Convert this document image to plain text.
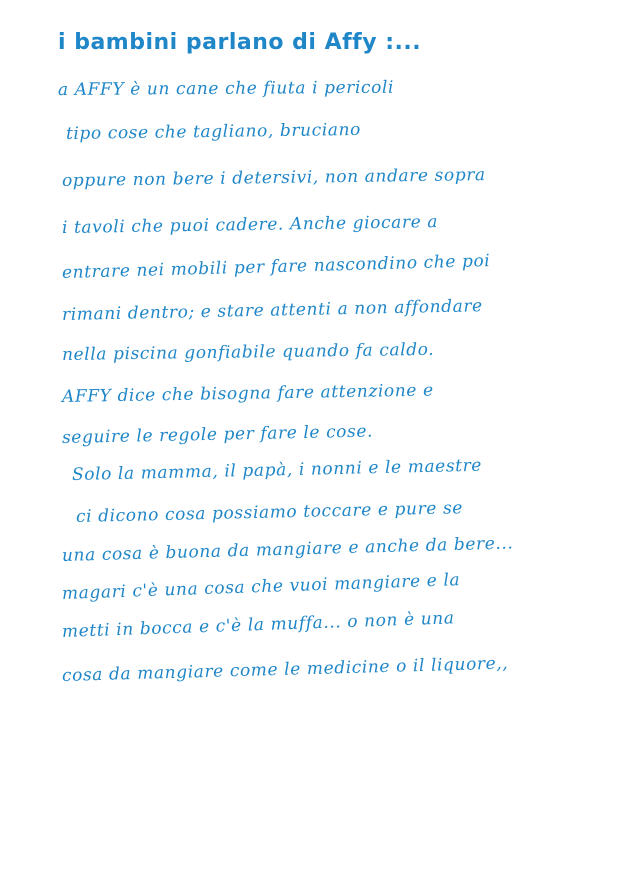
i bambini parlano di Affy :...

a AFFY è un cane che fiuta i pericoli

tipo cose che tagliano, bruciano

oppure non bere i detersivi, non andare sopra

i tavoli che puoi cadere. Anche giocare a

entrare nei mobili per fare nascondino che poi

rimani dentro; e stare attenti a non affondare

nella piscina gonfiabile quando fa caldo.

AFFY dice che bisogna fare attenzione e

seguire le regole per fare le cose.

Solo la mamma, il papà, i nonni e le maestre

ci dicono cosa possiamo toccare e pure se

una cosa è buona da mangiare e anche da bere...

magari c'è una cosa che vuoi mangiare e la

metti in bocca e c'è la muffa... o non è una

cosa da mangiare come le medicine o il liquore,,
